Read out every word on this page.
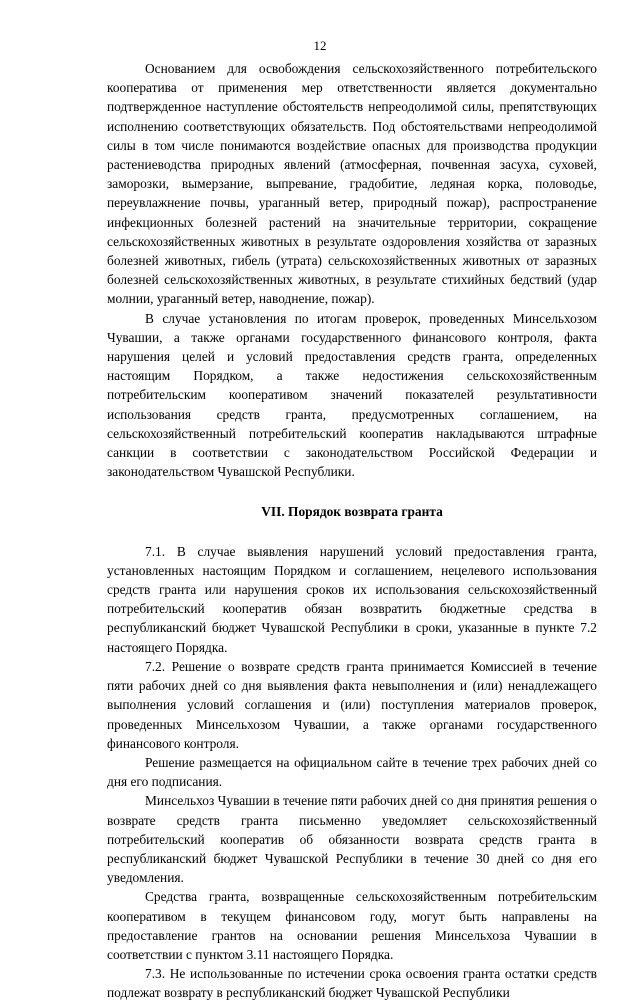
12

Основанием для освобождения сельскохозяйственного потребительского кооператива от применения мер ответственности является документально подтвержденное наступление обстоятельств непреодолимой силы, препятствующих исполнению соответствующих обязательств. Под обстоятельствами непреодолимой силы в том числе понимаются воздействие опасных для производства продукции растениеводства природных явлений (атмосферная, почвенная засуха, суховей, заморозки, вымерзание, выпревание, градобитие, ледяная корка, половодье, переувлажнение почвы, ураганный ветер, природный пожар), распространение инфекционных болезней растений на значительные территории, сокращение сельскохозяйственных животных в результате оздоровления хозяйства от заразных болезней животных, гибель (утрата) сельскохозяйственных животных от заразных болезней сельскохозяйственных животных, в результате стихийных бедствий (удар молнии, ураганный ветер, наводнение, пожар).

В случае установления по итогам проверок, проведенных Минсельхозом Чувашии, а также органами государственного финансового контроля, факта нарушения целей и условий предоставления средств гранта, определенных настоящим Порядком, а также недостижения сельскохозяйственным потребительским кооперативом значений показателей результативности использования средств гранта, предусмотренных соглашением, на сельскохозяйственный потребительский кооператив накладываются штрафные санкции в соответствии с законодательством Российской Федерации и законодательством Чувашской Республики.

VII. Порядок возврата гранта

7.1. В случае выявления нарушений условий предоставления гранта, установленных настоящим Порядком и соглашением, нецелевого использования средств гранта или нарушения сроков их использования сельскохозяйственный потребительский кооператив обязан возвратить бюджетные средства в республиканский бюджет Чувашской Республики в сроки, указанные в пункте 7.2 настоящего Порядка.

7.2. Решение о возврате средств гранта принимается Комиссией в течение пяти рабочих дней со дня выявления факта невыполнения и (или) ненадлежащего выполнения условий соглашения и (или) поступления материалов проверок, проведенных Минсельхозом Чувашии, а также органами государственного финансового контроля.

Решение размещается на официальном сайте в течение трех рабочих дней со дня его подписания.

Минсельхоз Чувашии в течение пяти рабочих дней со дня принятия решения о возврате средств гранта письменно уведомляет сельскохозяйственный потребительский кооператив об обязанности возврата средств гранта в республиканский бюджет Чувашской Республики в течение 30 дней со дня его уведомления.

Средства гранта, возвращенные сельскохозяйственным потребительским кооперативом в текущем финансовом году, могут быть направлены на предоставление грантов на основании решения Минсельхоза Чувашии в соответствии с пунктом 3.11 настоящего Порядка.

7.3. Не использованные по истечении срока освоения гранта остатки средств подлежат возврату в республиканский бюджет Чувашской Республики
